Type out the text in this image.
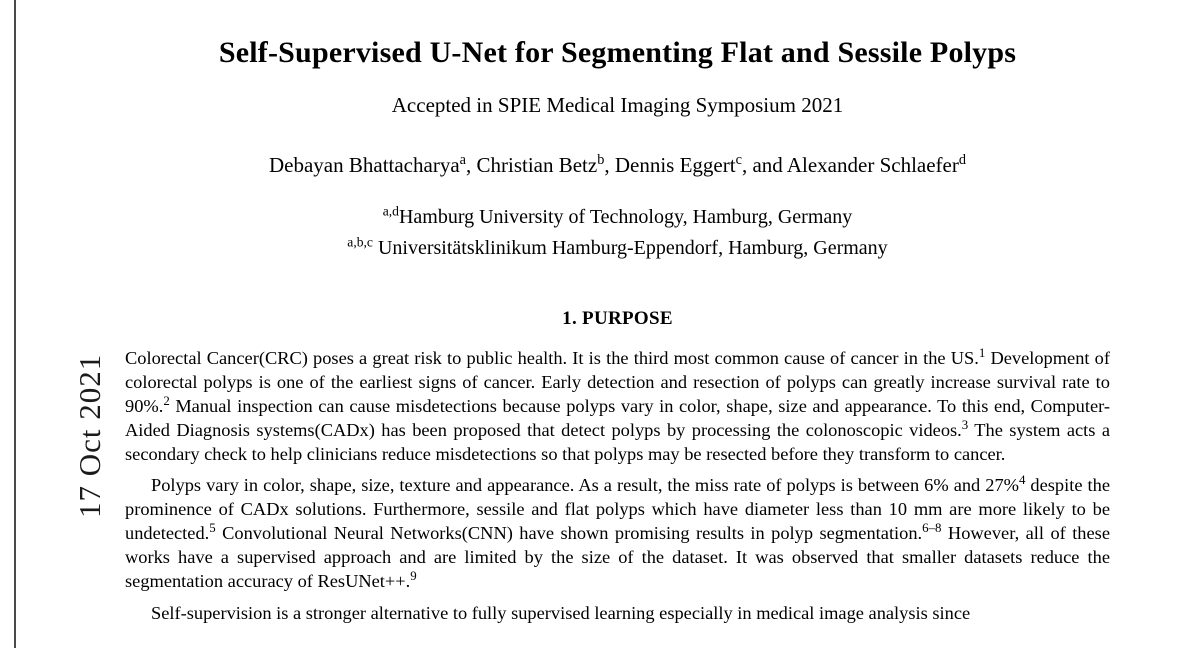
17 Oct 2021
Self-Supervised U-Net for Segmenting Flat and Sessile Polyps
Accepted in SPIE Medical Imaging Symposium 2021
Debayan Bhattacharya$^a$, Christian Betz$^b$, Dennis Eggert$^c$, and Alexander Schlaefer$^d$
$^{a,d}$Hamburg University of Technology, Hamburg, Germany
$^{a,b,c}$ Universitätsklinikum Hamburg-Eppendorf, Hamburg, Germany
1. PURPOSE

Colorectal Cancer(CRC) poses a great risk to public health. It is the third most common cause of cancer in the US.$^1$ Development of colorectal polyps is one of the earliest signs of cancer. Early detection and resection of polyps can greatly increase survival rate to 90%.$^2$ Manual inspection can cause misdetections because polyps vary in color, shape, size and appearance. To this end, Computer-Aided Diagnosis systems(CADx) has been proposed that detect polyps by processing the colonoscopic videos.$^3$ The system acts a secondary check to help clinicians reduce misdetections so that polyps may be resected before they transform to cancer.

Polyps vary in color, shape, size, texture and appearance. As a result, the miss rate of polyps is between 6% and 27%$^4$ despite the prominence of CADx solutions. Furthermore, sessile and flat polyps which have diameter less than 10 mm are more likely to be undetected.$^5$ Convolutional Neural Networks(CNN) have shown promising results in polyp segmentation.$^{6-8}$ However, all of these works have a supervised approach and are limited by the size of the dataset. It was observed that smaller datasets reduce the segmentation accuracy of ResUNet++.$^9$

Self-supervision is a stronger alternative to fully supervised learning especially in medical image analysis since
